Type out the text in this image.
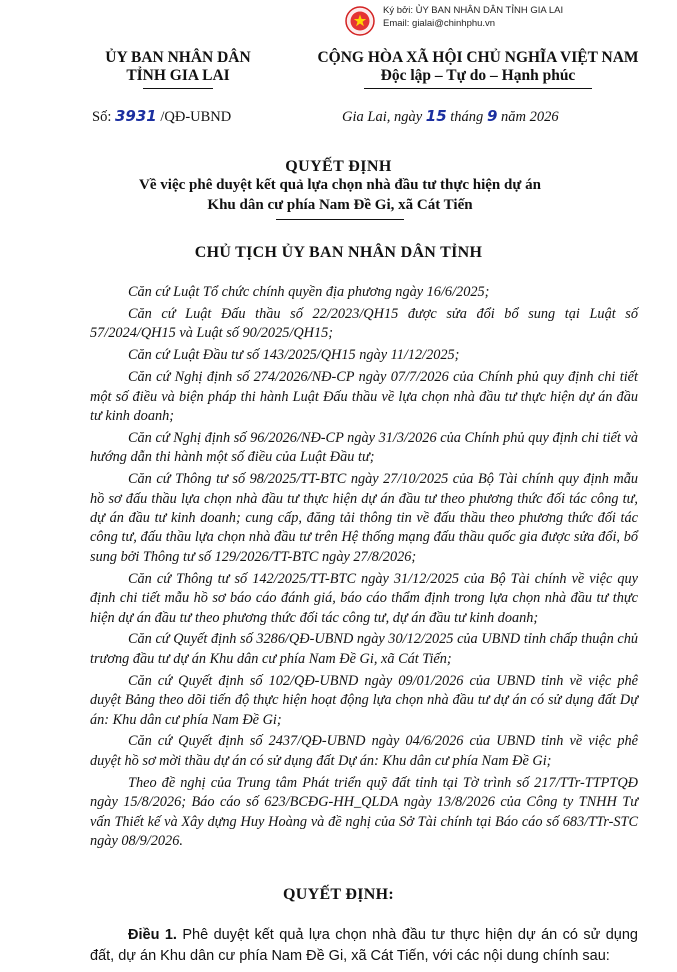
Ký bởi: ỦY BAN NHÂN DÂN TỈNH GIA LAI
Email: gialai@chinhphu.vn
ỦY BAN NHÂN DÂN
TỈNH GIA LAI
CỘNG HÒA XÃ HỘI CHỦ NGHĨA VIỆT NAM
Độc lập – Tự do – Hạnh phúc
Số: 3931 /QĐ-UBND	Gia Lai, ngày 15 tháng 9 năm 2026
QUYẾT ĐỊNH
Về việc phê duyệt kết quả lựa chọn nhà đầu tư thực hiện dự án
Khu dân cư phía Nam Đề Gi, xã Cát Tiến
CHỦ TỊCH ỦY BAN NHÂN DÂN TỈNH

Căn cứ Luật Tổ chức chính quyền địa phương ngày 16/6/2025;

Căn cứ Luật Đấu thầu số 22/2023/QH15 được sửa đổi bổ sung tại Luật số 57/2024/QH15 và Luật số 90/2025/QH15;

Căn cứ Luật Đầu tư số 143/2025/QH15 ngày 11/12/2025;

Căn cứ Nghị định số 274/2026/NĐ-CP ngày 07/7/2026 của Chính phủ quy định chi tiết một số điều và biện pháp thi hành Luật Đấu thầu về lựa chọn nhà đầu tư thực hiện dự án đầu tư kinh doanh;

Căn cứ Nghị định số 96/2026/NĐ-CP ngày 31/3/2026 của Chính phủ quy định chi tiết và hướng dẫn thi hành một số điều của Luật Đầu tư;

Căn cứ Thông tư số 98/2025/TT-BTC ngày 27/10/2025 của Bộ Tài chính quy định mẫu hồ sơ đấu thầu lựa chọn nhà đầu tư thực hiện dự án đầu tư theo phương thức đối tác công tư, dự án đầu tư kinh doanh; cung cấp, đăng tải thông tin về đấu thầu theo phương thức đối tác công tư, đấu thầu lựa chọn nhà đầu tư trên Hệ thống mạng đấu thầu quốc gia được sửa đổi, bổ sung bởi Thông tư số 129/2026/TT-BTC ngày 27/8/2026;

Căn cứ Thông tư số 142/2025/TT-BTC ngày 31/12/2025 của Bộ Tài chính về việc quy định chi tiết mẫu hồ sơ báo cáo đánh giá, báo cáo thẩm định trong lựa chọn nhà đầu tư thực hiện dự án đầu tư theo phương thức đối tác công tư, dự án đầu tư kinh doanh;

Căn cứ Quyết định số 3286/QĐ-UBND ngày 30/12/2025 của UBND tỉnh chấp thuận chủ trương đầu tư dự án Khu dân cư phía Nam Đề Gi, xã Cát Tiến;

Căn cứ Quyết định số 102/QĐ-UBND ngày 09/01/2026 của UBND tỉnh về việc phê duyệt Bảng theo dõi tiến độ thực hiện hoạt động lựa chọn nhà đầu tư dự án có sử dụng đất Dự án: Khu dân cư phía Nam Đề Gi;

Căn cứ Quyết định số 2437/QĐ-UBND ngày 04/6/2026 của UBND tỉnh về việc phê duyệt hồ sơ mời thầu dự án có sử dụng đất Dự án: Khu dân cư phía Nam Đề Gi;

Theo đề nghị của Trung tâm Phát triển quỹ đất tỉnh tại Tờ trình số 217/TTr-TTPTQĐ ngày 15/8/2026; Báo cáo số 623/BCĐG-HH_QLDA ngày 13/8/2026 của Công ty TNHH Tư vấn Thiết kế và Xây dựng Huy Hoàng và đề nghị của Sở Tài chính tại Báo cáo số 683/TTr-STC ngày 08/9/2026.

QUYẾT ĐỊNH:

Điều 1. Phê duyệt kết quả lựa chọn nhà đầu tư thực hiện dự án có sử dụng đất, dự án Khu dân cư phía Nam Đề Gi, xã Cát Tiến, với các nội dung chính sau:
